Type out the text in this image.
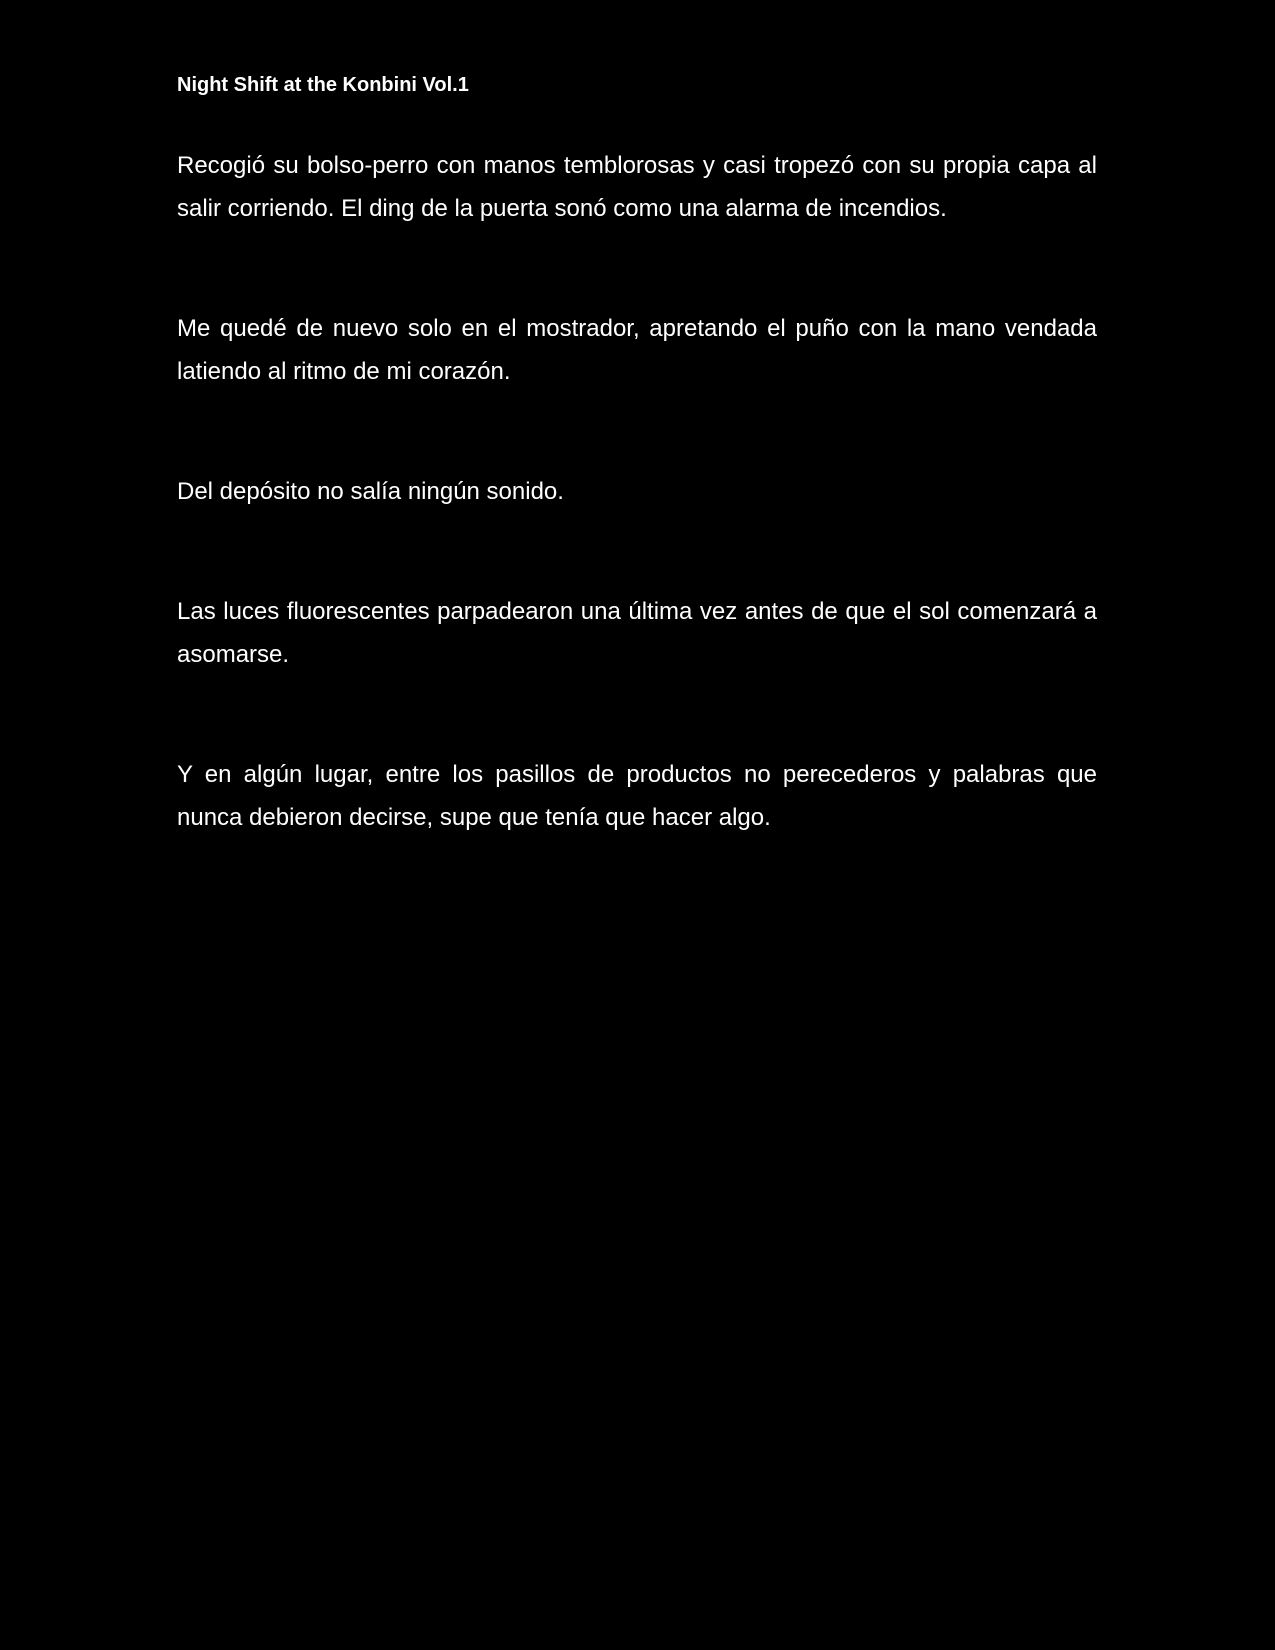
Night Shift at the Konbini Vol.1

Recogió su bolso-perro con manos temblorosas y casi tropezó con su propia capa al salir corriendo. El ding de la puerta sonó como una alarma de incendios.

Me quedé de nuevo solo en el mostrador, apretando el puño con la mano vendada latiendo al ritmo de mi corazón.

Del depósito no salía ningún sonido.

Las luces fluorescentes parpadearon una última vez antes de que el sol comenzará a asomarse.

Y en algún lugar, entre los pasillos de productos no perecederos y palabras que nunca debieron decirse, supe que tenía que hacer algo.
